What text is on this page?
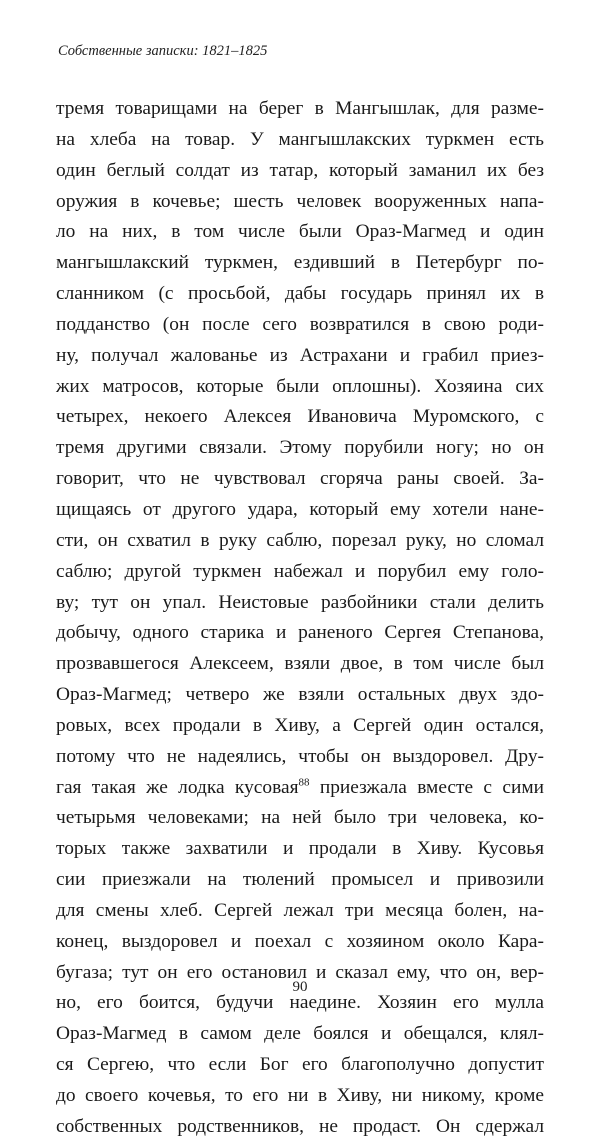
Собственные записки: 1821–1825
тремя товарищами на берег в Мангышлак, для разме-
на хлеба на товар. У мангышлакских туркмен есть
один беглый солдат из татар, который заманил их без
оружия в кочевье; шесть человек вооруженных напа-
ло на них, в том числе были Ораз-Магмед и один
мангышлакский туркмен, ездивший в Петербург по-
сланником (с просьбой, дабы государь принял их в
подданство (он после сего возвратился в свою роди-
ну, получал жалованье из Астрахани и грабил приез-
жих матросов, которые были оплошны). Хозяина сих
четырех, некоего Алексея Ивановича Муромского, с
тремя другими связали. Этому порубили ногу; но он
говорит, что не чувствовал сгоряча раны своей. За-
щищаясь от другого удара, который ему хотели нане-
сти, он схватил в руку саблю, порезал руку, но сломал
саблю; другой туркмен набежал и порубил ему голо-
ву; тут он упал. Неистовые разбойники стали делить
добычу, одного старика и раненого Сергея Степанова,
прозвавшегося Алексеем, взяли двое, в том числе был
Ораз-Магмед; четверо же взяли остальных двух здо-
ровых, всех продали в Хиву, а Сергей один остался,
потому что не надеялись, чтобы он выздоровел. Дру-
гая такая же лодка кусовая$^{88}$ приезжала вместе с сими
четырьмя человеками; на ней было три человека, ко-
торых также захватили и продали в Хиву. Кусовья
сии приезжали на тюлений промысел и привозили
для смены хлеб. Сергей лежал три месяца болен, на-
конец, выздоровел и поехал с хозяином около Кара-
бугаза; тут он его остановил и сказал ему, что он, вер-
но, его боится, будучи наедине. Хозяин его мулла
Ораз-Магмед в самом деле боялся и обещался, клял-
ся Сергею, что если Бог его благополучно допустит
до своего кочевья, то его ни в Хиву, ни никому, кроме
собственных родственников, не продаст. Он сдержал
90
